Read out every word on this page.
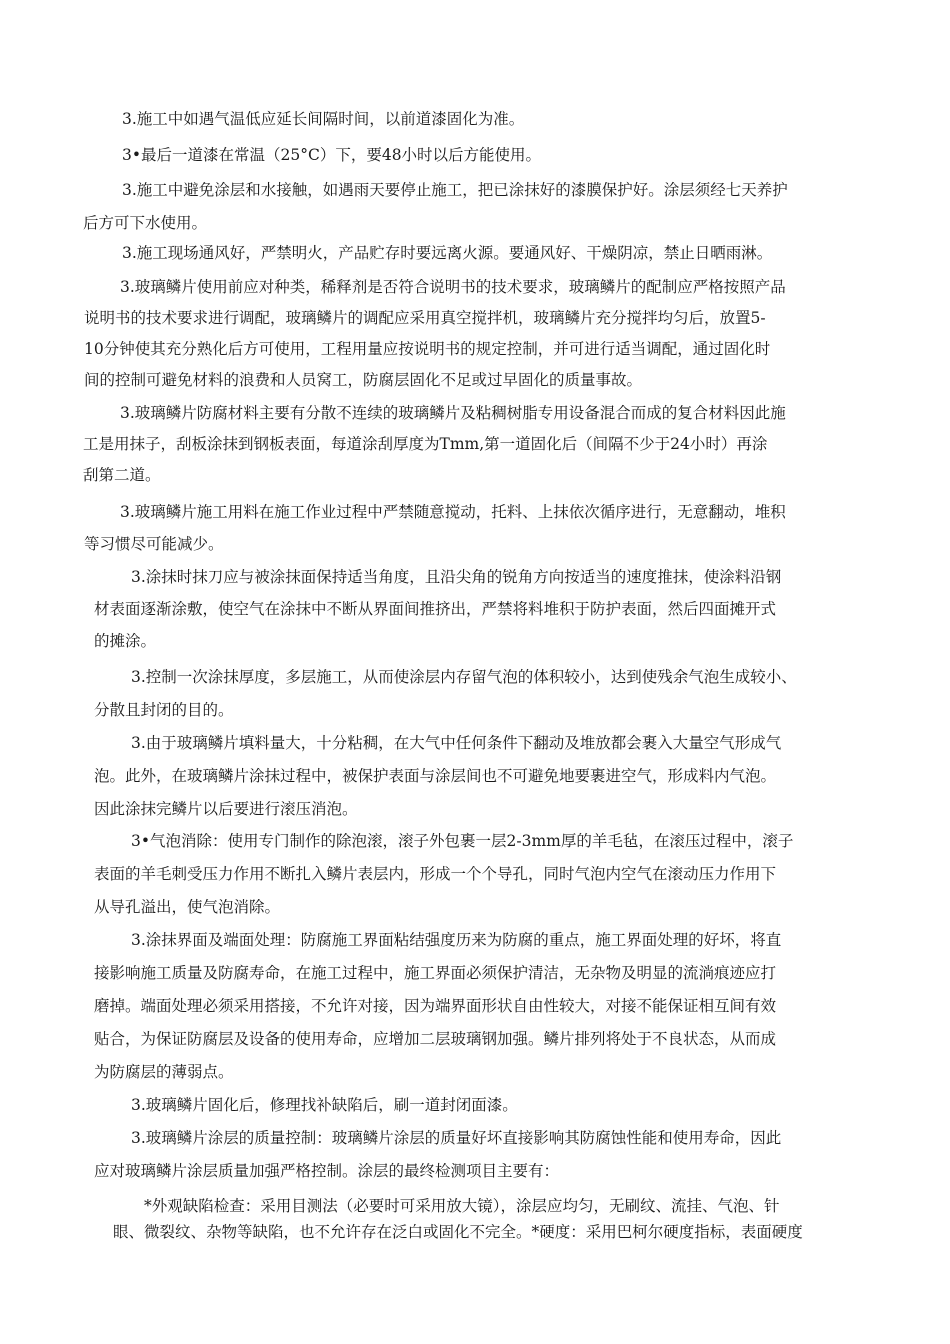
3.施工中如遇气温低应延长间隔时间，以前道漆固化为准。
3•最后一道漆在常温（25°C）下，要48小时以后方能使用。
3.施工中避免涂层和水接触，如遇雨天要停止施工，把已涂抹好的漆膜保护好。涂层须经七天养护
后方可下水使用。
3.施工现场通风好，严禁明火，产品贮存时要远离火源。要通风好、干燥阴凉，禁止日晒雨淋。
3.玻璃鳞片使用前应对种类，稀释剂是否符合说明书的技术要求，玻璃鳞片的配制应严格按照产品
说明书的技术要求进行调配，玻璃鳞片的调配应采用真空搅拌机，玻璃鳞片充分搅拌均匀后，放置5-
10分钟使其充分熟化后方可使用，工程用量应按说明书的规定控制，并可进行适当调配，通过固化时
间的控制可避免材料的浪费和人员窝工，防腐层固化不足或过早固化的质量事故。
3.玻璃鳞片防腐材料主要有分散不连续的玻璃鳞片及粘稠树脂专用设备混合而成的复合材料因此施
工是用抹子，刮板涂抹到钢板表面，每道涂刮厚度为Tmm,第一道固化后（间隔不少于24小时）再涂
刮第二道。
3.玻璃鳞片施工用料在施工作业过程中严禁随意搅动，托料、上抹依次循序进行，无意翻动，堆积
等习惯尽可能减少。
3.涂抹时抹刀应与被涂抹面保持适当角度，且沿尖角的锐角方向按适当的速度推抹，使涂料沿钢
材表面逐渐涂敷，使空气在涂抹中不断从界面间推挤出，严禁将料堆积于防护表面，然后四面摊开式
的摊涂。
3.控制一次涂抹厚度，多层施工，从而使涂层内存留气泡的体积较小，达到使残余气泡生成较小、
分散且封闭的目的。
3.由于玻璃鳞片填料量大，十分粘稠，在大气中任何条件下翻动及堆放都会裹入大量空气形成气
泡。此外，在玻璃鳞片涂抹过程中，被保护表面与涂层间也不可避免地要裹进空气，形成料内气泡。
因此涂抹完鳞片以后要进行滚压消泡。
3•气泡消除：使用专门制作的除泡滚，滚子外包裹一层2-3mm厚的羊毛毡，在滚压过程中，滚子
表面的羊毛刺受压力作用不断扎入鳞片表层内，形成一个个导孔，同时气泡内空气在滚动压力作用下
从导孔溢出，使气泡消除。
3.涂抹界面及端面处理：防腐施工界面粘结强度历来为防腐的重点，施工界面处理的好坏，将直
接影响施工质量及防腐寿命，在施工过程中，施工界面必须保护清洁，无杂物及明显的流淌痕迹应打
磨掉。端面处理必须采用搭接，不允许对接，因为端界面形状自由性较大，对接不能保证相互间有效
贴合，为保证防腐层及设备的使用寿命，应增加二层玻璃钢加强。鳞片排列将处于不良状态，从而成
为防腐层的薄弱点。
3.玻璃鳞片固化后，修理找补缺陷后，刷一道封闭面漆。
3.玻璃鳞片涂层的质量控制：玻璃鳞片涂层的质量好坏直接影响其防腐蚀性能和使用寿命，因此
应对玻璃鳞片涂层质量加强严格控制。涂层的最终检测项目主要有：
*外观缺陷检查：采用目测法（必要时可采用放大镜），涂层应均匀，无刷纹、流挂、气泡、针
眼、微裂纹、杂物等缺陷，也不允许存在泛白或固化不完全。*硬度：采用巴柯尔硬度指标，表面硬度
